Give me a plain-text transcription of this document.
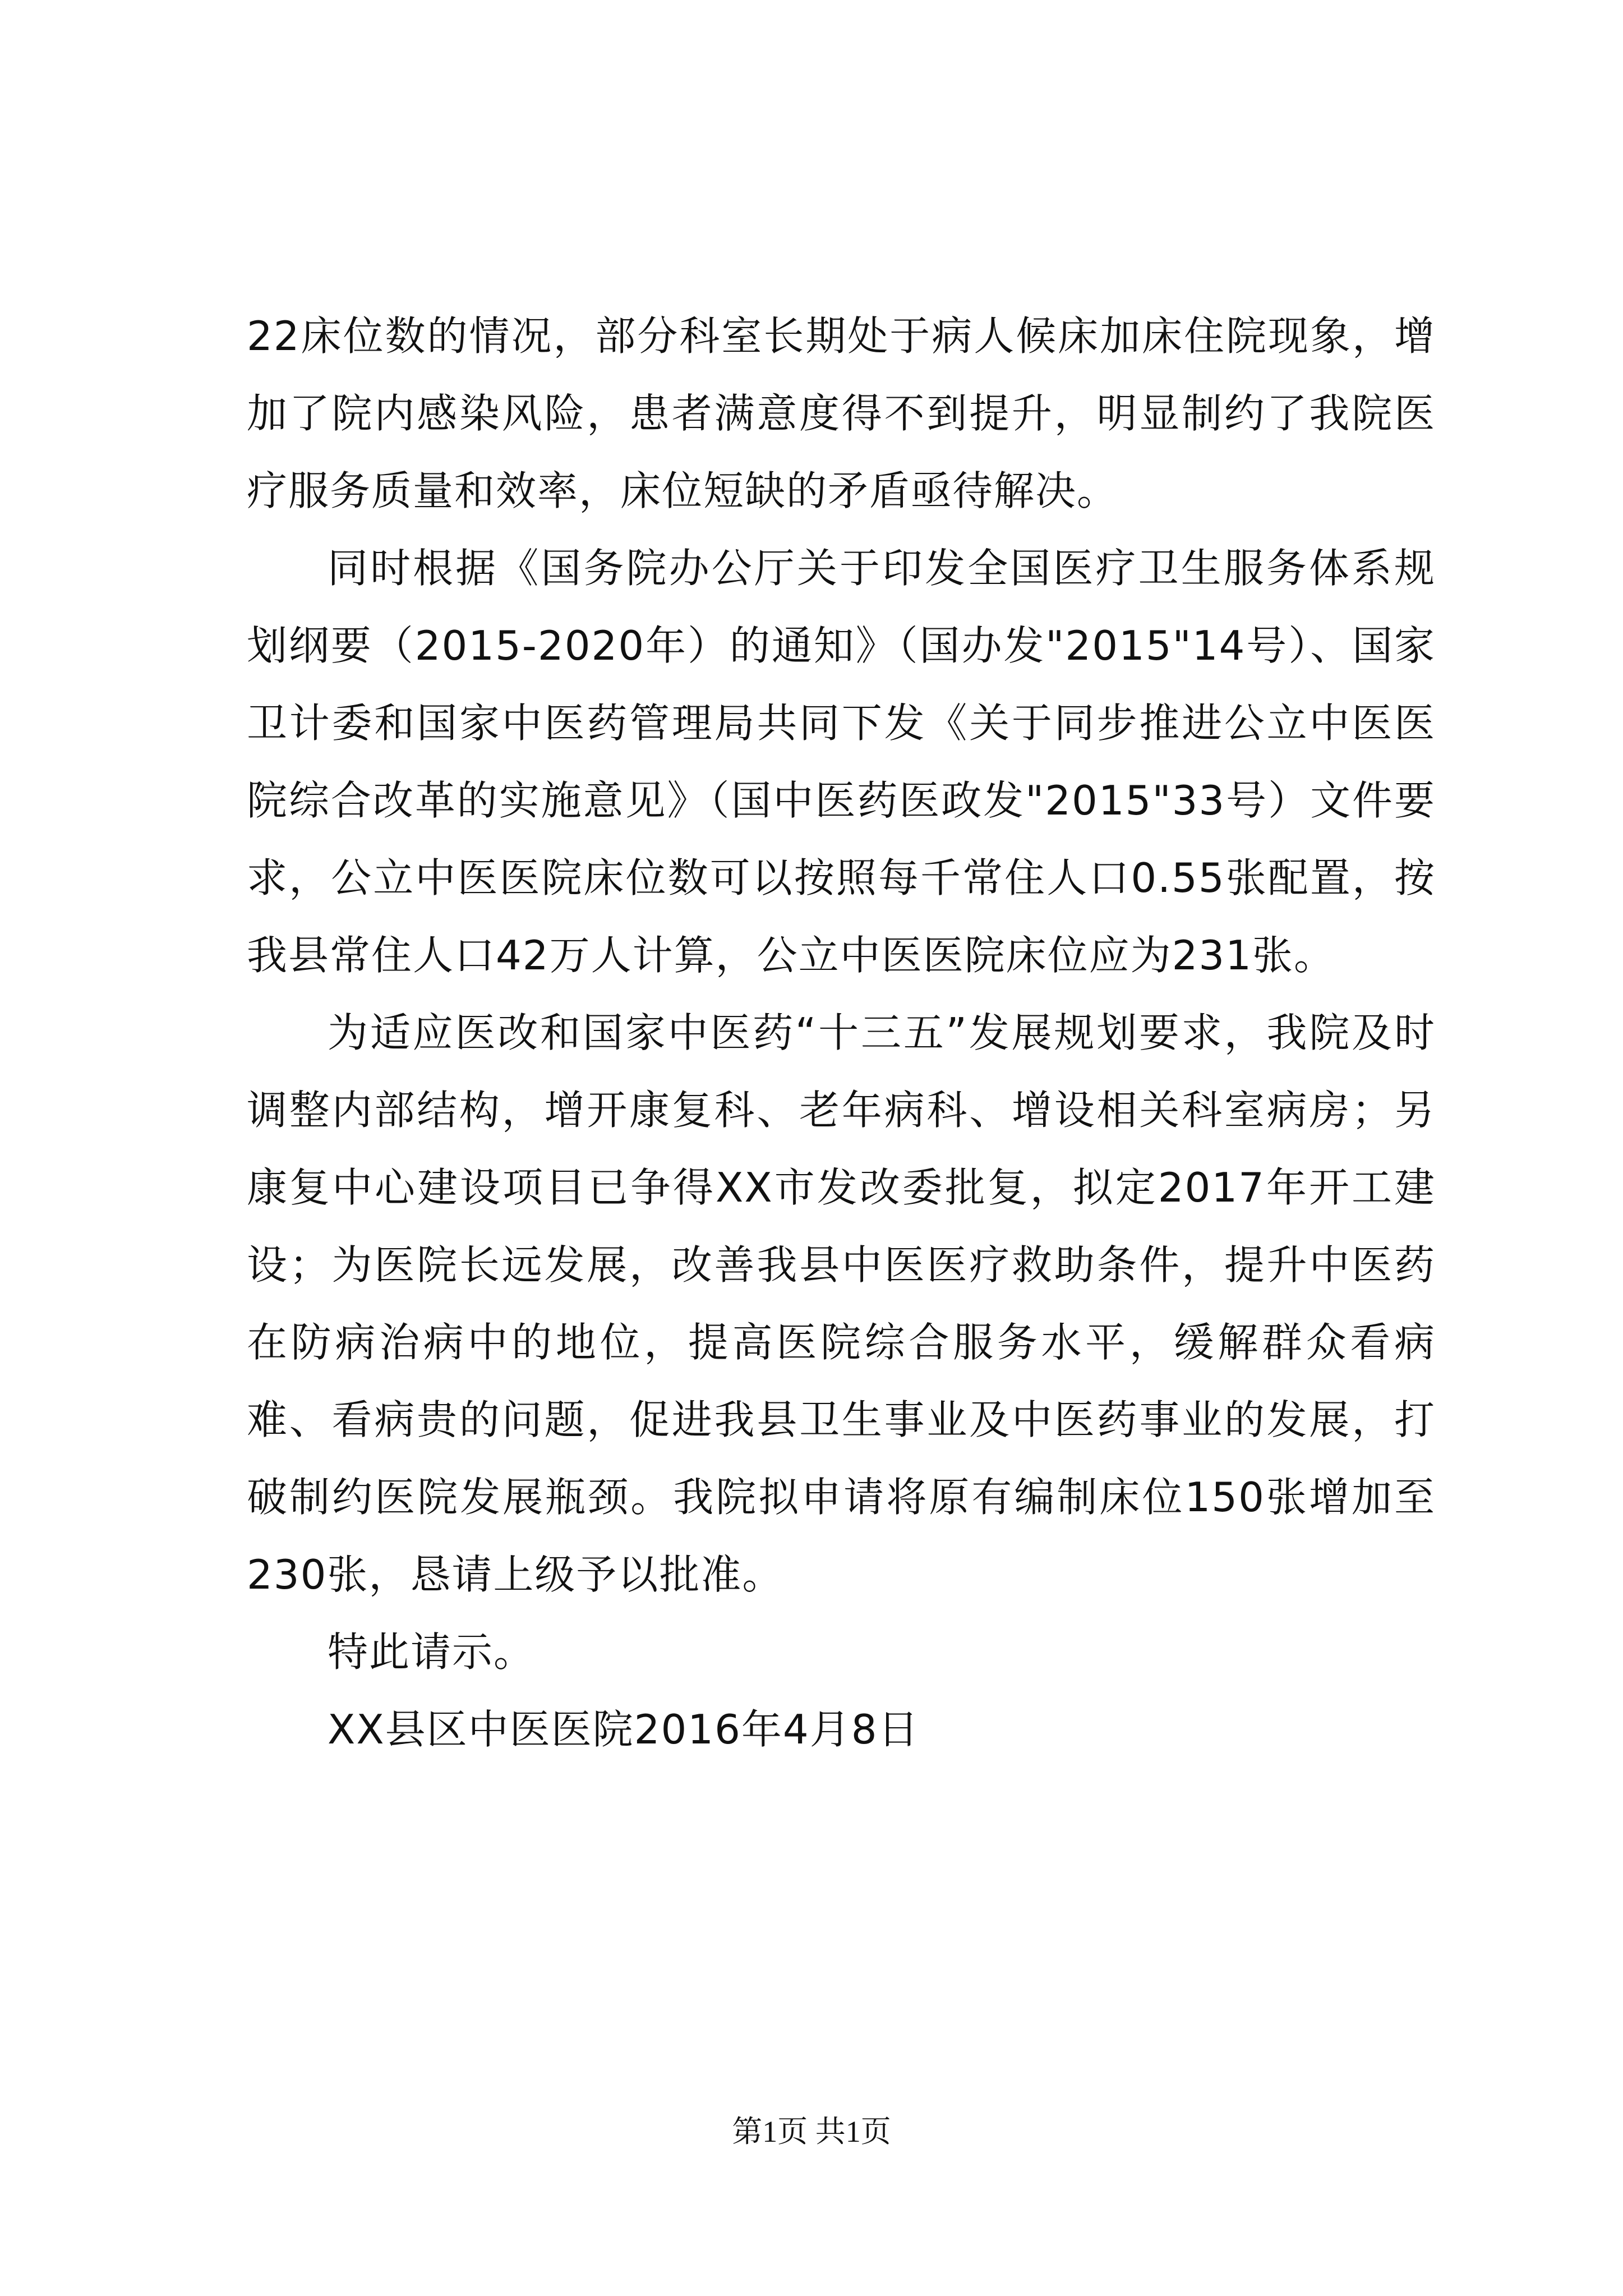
22床位数的情况，部分科室长期处于病人候床加床住院现象，增加了院内感染风险，患者满意度得不到提升，明显制约了我院医疗服务质量和效率，床位短缺的矛盾亟待解决。

同时根据《国务院办公厅关于印发全国医疗卫生服务体系规划纲要（2015-2020年）的通知》（国办发"2015"14号）、国家卫计委和国家中医药管理局共同下发《关于同步推进公立中医医院综合改革的实施意见》（国中医药医政发"2015"33号）文件要求，公立中医医院床位数可以按照每千常住人口0.55张配置，按我县常住人口42万人计算，公立中医医院床位应为231张。

为适应医改和国家中医药“十三五”发展规划要求，我院及时调整内部结构，增开康复科、老年病科、增设相关科室病房；另康复中心建设项目已争得XX市发改委批复，拟定2017年开工建设；为医院长远发展，改善我县中医医疗救助条件，提升中医药在防病治病中的地位，提高医院综合服务水平，缓解群众看病难、看病贵的问题，促进我县卫生事业及中医药事业的发展，打破制约医院发展瓶颈。我院拟申请将原有编制床位150张增加至230张，恳请上级予以批准。

特此请示。

XX县区中医医院2016年4月8日

第1页 共1页
